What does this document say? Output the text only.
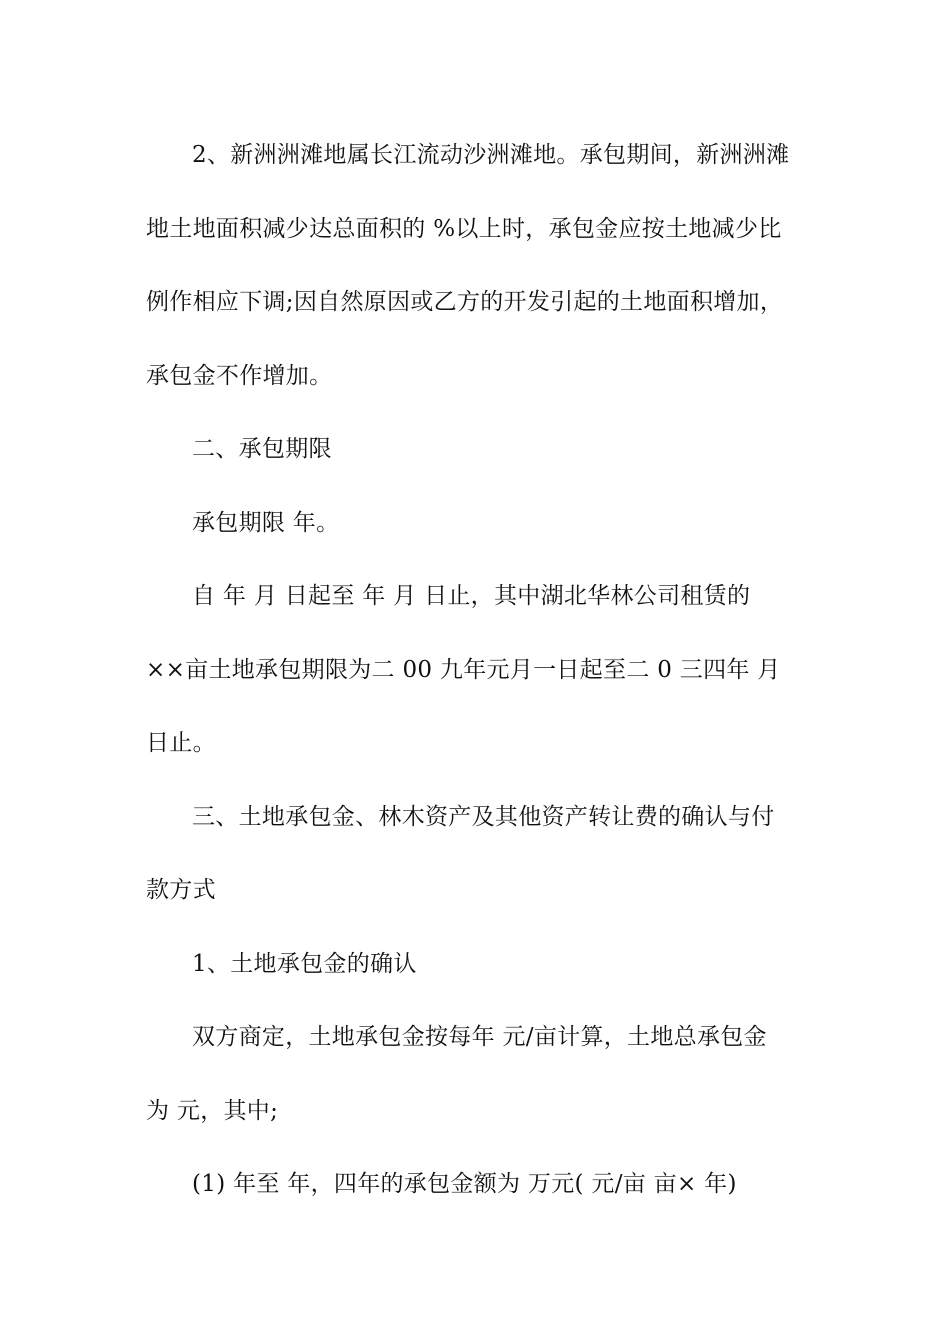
2、新洲洲滩地属长江流动沙洲滩地。承包期间，新洲洲滩
地土地面积减少达总面积的 %以上时，承包金应按土地减少比
例作相应下调;因自然原因或乙方的开发引起的土地面积增加，
承包金不作增加。
二、承包期限
承包期限 年。
自 年 月 日起至 年 月 日止，其中湖北华林公司租赁的
××亩土地承包期限为二 00 九年元月一日起至二 0 三四年 月
日止。
三、土地承包金、林木资产及其他资产转让费的确认与付
款方式
1、土地承包金的确认
双方商定，土地承包金按每年 元/亩计算，土地总承包金
为 元，其中;
(1) 年至 年，四年的承包金额为 万元( 元/亩 亩× 年)
